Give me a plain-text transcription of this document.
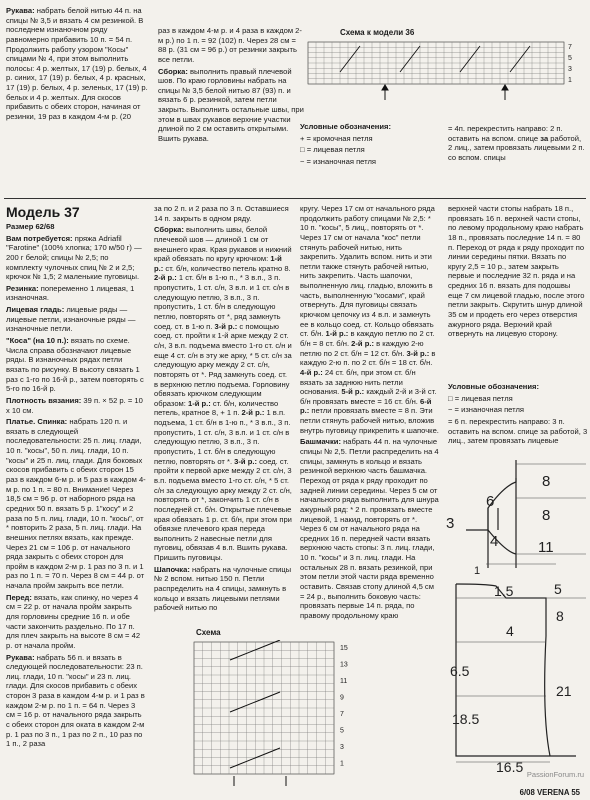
Рукава: набрать белой нитью 44 п. на спицы № 3,5 и вязать 4 см резинкой. В последнем изнаночном ряду равномерно прибавить 10 п. = 54 п. Продолжить работу узором "Косы" спицами № 4, при этом выполнить полосы: 4 р. желтых, 17 (19) р. белых, 4 р. синих, 17 (19) р. белых, 4 р. красных, 17 (19) р. белых, 4 р. зеленых, 17 (19) р. белых и 4 р. желтых. Для скосов прибавить с обеих сторон, начиная от резинки, 19 раз в каждом 4-м р. (20

раз в каждом 4-м р. и 4 раза в каждом 2-м р.) по 1 п. = 92 (102) п. Через 28 см = 88 р. (31 см = 96 р.) от резинки закрыть все петли.

Сборка: выполнить правый плечевой шов. По краю горловины набрать на спицы № 3,5 белой нитью 87 (93) п. и вязать 6 р. резинкой, затем петли закрыть. Выполнить остальные швы, при этом в швах рукавов верхние участки длиной по 2 см оставить открытыми. Вшить рукава.

Схема к модели 36
7
5
3
1

Условные обозначения:

+ = кромочная петля

□ = лицевая петля

− = изнаночная петля

= 4п. перекрестить направо: 2 п. оставить на вспом. спице за работой, 2 лиц., затем провязать лицевыми 2 п. со вспом. спицы

Модель 37

Размер 62/68

Вам потребуется: пряжа Adriafil "Farotine" (100% хлопка; 170 м/50 г) — 200 г белой; спицы № 2,5; по комплекту чулочных спиц № 2 и 2,5; крючок № 1,5; 2 маленькие пуговицы.

Резинка: попеременно 1 лицевая, 1 изнаночная.

Лицевая гладь: лицевые ряды — лицевые петли, изнаночные ряды — изнаночные петли.

"Коса" (на 10 п.): вязать по схеме. Числа справа обозначают лицевые ряды. В изнаночных рядах петли вязать по рисунку. В высоту связать 1 раз с 1-го по 16-й р., затем повторять с 5-го по 16-й р.

Плотность вязания: 39 п. × 52 р. = 10 x 10 см.

Платье. Спинка: набрать 120 п. и вязать в следующей последовательности: 25 п. лиц. глади, 10 п. "косы", 50 п. лиц. глади, 10 п. "косы" и 25 п. лиц. глади. Для боковых скосов прибавить с обеих сторон 15 раз в каждом 6-м р. и 5 раз в каждом 4-м р. по 1 п. = 80 п. Внимание! Через 18,5 см = 96 р. от наборного ряда на средних 50 п. вязать 5 р. 1"косу" и 2 раза по 5 п. лиц. глади, 10 п. "косы", от * повторить 2 раза, 5 п. лиц. глади. На внешних петлях вязать, как прежде. Через 21 см = 106 р. от начального ряда закрыть с обеих сторон для пройм в каждом 2-м р. 1 раз по 3 п. и 1 раз по 1 п. = 70 п. Через 8 см = 44 р. от начала пройм закрыть все петли.

Перед: вязать, как спинку, но через 4 см = 22 р. от начала пройм закрыть для горловины средние 16 п. и обе части закончить раздельно. По 17 п. для плеч закрыть на высоте 8 см = 42 р. от начала пройм.

Рукава: набрать 56 п. и вязать в следующей последовательности: 23 п. лиц. глади, 10 п. "косы" и 23 п. лиц. глади. Для скосов прибавить с обеих сторон 3 раза в каждом 4-м р. и 1 раз в каждом 2-м р. по 1 п. = 64 п. Через 3 см = 16 р. от начального ряда закрыть с обеих сторон для оката в каждом 2-м р. 1 раз по 3 п., 1 раз по 2 п., 10 раз по 1 п., 2 раза

за по 2 п. и 2 раза по 3 п. Оставшиеся 14 п. закрыть в одном ряду.

Сборка: выполнить швы, белой плечевой шов — длиной 1 см от внешнего края. Края рукавов и нижний край обвязать по кругу крючком: 1-й р.: ст. б/н, количество петель кратно 8. 2-й р.: 1 ст. б/н в 1-ю п., * 3 в.п., 3 п. пропустить, 1 ст. с/н, 3 в.п. и 1 ст. с/н в следующую петлю, 3 в.п., 3 п. пропустить, 1 ст. б/н в следующую петлю, повторять от *, ряд замкнуть соед. ст. в 1-ю п. 3-й р.: с помощью соед. ст. пройти к 1-й арке между 2 ст. с/н, 3 в.п. подъема вместо 1-го ст. с/н и еще 4 ст. с/н в эту же арку, * 5 ст. с/н за следующую арку между 2 ст. с/н, повторять от *. Ряд замкнуть соед. ст. в верхнюю петлю подъема. Горловину обвязать крючком следующим образом: 1-й р.: ст. б/н, количество петель, кратное 8, + 1 п. 2-й р.: 1 в.п. подъема, 1 ст. б/н в 1-ю п., * 3 в.п., 3 п. пропустить, 1 ст. с/н, 3 в.п. и 1 ст. с/н в следующую петлю, 3 в.п., 3 п. пропустить, 1 ст. б/н в следующую петлю, повторять от *. 3-й р.: соед. ст. пройти к первой арке между 2 ст. с/н, 3 в.п. подъема вместо 1-го ст. с/н, * 5 ст. с/н за следующую арку между 2 ст. с/н, повторять от *, закончить 1 ст. с/н в последней ст. б/н. Открытые плечевые края обвязать 1 р. ст. б/н, при этом при обвязке плечевого края переда выполнить 2 навесные петли для пуговиц, обвязав 4 в.п. Вшить рукава. Пришить пуговицы.

Шапочка: набрать на чулочные спицы № 2 вспом. нитью 150 п. Петли распределить на 4 спицы, замкнуть в кольцо и вязать лицевыми петлями рабочей нитью по

кругу. Через 17 см от начального ряда продолжить работу спицами № 2,5: * 10 п. "косы", 5 лиц., повторять от *. Через 17 см от начала "кос" петли стянуть рабочей нитью, нить закрепить. Удалить вспом. нить и эти петли также стянуть рабочей нитью, нить закрепить. Часть шапочки, выполненную лиц. гладью, вложить в часть, выполненную "косами", край отвернуть. Для пуговицы связать крючком цепочку из 4 в.п. и замкнуть ее в кольцо соед. ст. Кольцо обвязать ст. б/н. 1-й р.: в каждую петлю по 2 ст. б/н = 8 ст. б/н. 2-й р.: в каждую 2-ю петлю по 2 ст. б/н = 12 ст. б/н. 3-й р.: в каждую 2-ю п. по 2 ст. б/н = 18 ст. б/н. 4-й р.: 24 ст. б/н, при этом ст. б/н вязать за заднюю нить петли основания. 5-й р.: каждый 2-й и 3-й ст. б/н провязать вместе = 16 ст. б/н. 6-й р.: петли провязать вместе = 8 п. Эти петли стянуть рабочей нитью, вложив внутрь пуговицу прикрепить к шапочке.

Башмачки: набрать 44 п. на чулочные спицы № 2,5. Петли распределить на 4 спицы, замкнуть в кольцо и вязать резинкой верхнюю часть башмачка. Переход от ряда к ряду проходит по задней линии середины. Через 5 см от начального ряда выполнить для шнура ажурный ряд: * 2 п. провязать вместе лицевой, 1 накид, повторять от *. Через 6 см от начального ряда на средних 16 п. передней части вязать верхнюю часть стопы: 3 п. лиц. глади, 10 п. "косы" и 3 п. лиц. глади. На остальных 28 п. вязать резинкой, при этом петли этой части ряда временно оставить. Связав стопу длиной 4,5 см = 24 р., выполнить боковую часть: провязать первые 14 п. ряда, по правому продольному краю

верхней части стопы набрать 18 п., провязать 16 п. верхней части стопы, по левому продольному краю набрать 18 п., провязать последние 14 п. = 80 п. Переход от ряда к ряду проходит по линии середины пятки. Вязать по кругу 2,5 = 10 р., затем закрыть первые и последние 32 п. ряда и на средних 16 п. вязать для подошвы еще 7 см лицевой гладью, после этого петли закрыть. Скрутить шнур длиной 35 см и продеть его через отверстия ажурного ряда. Верхний край отвернуть на лицевую сторону.

Условные обозначения:

□ = лицевая петля

− = изнаночная петля

= 6 п. перекрестить направо: 3 п. оставить на вспом. спице за работой, 3 лиц., затем провязать лицевые

8
8
6
3
11
4
1
1.5	5
6.5
4
18.5
21
16.5
8
Схема
15
13
11
9
7
5
3
1
PassionForum.ru
6/08 VERENA 55
